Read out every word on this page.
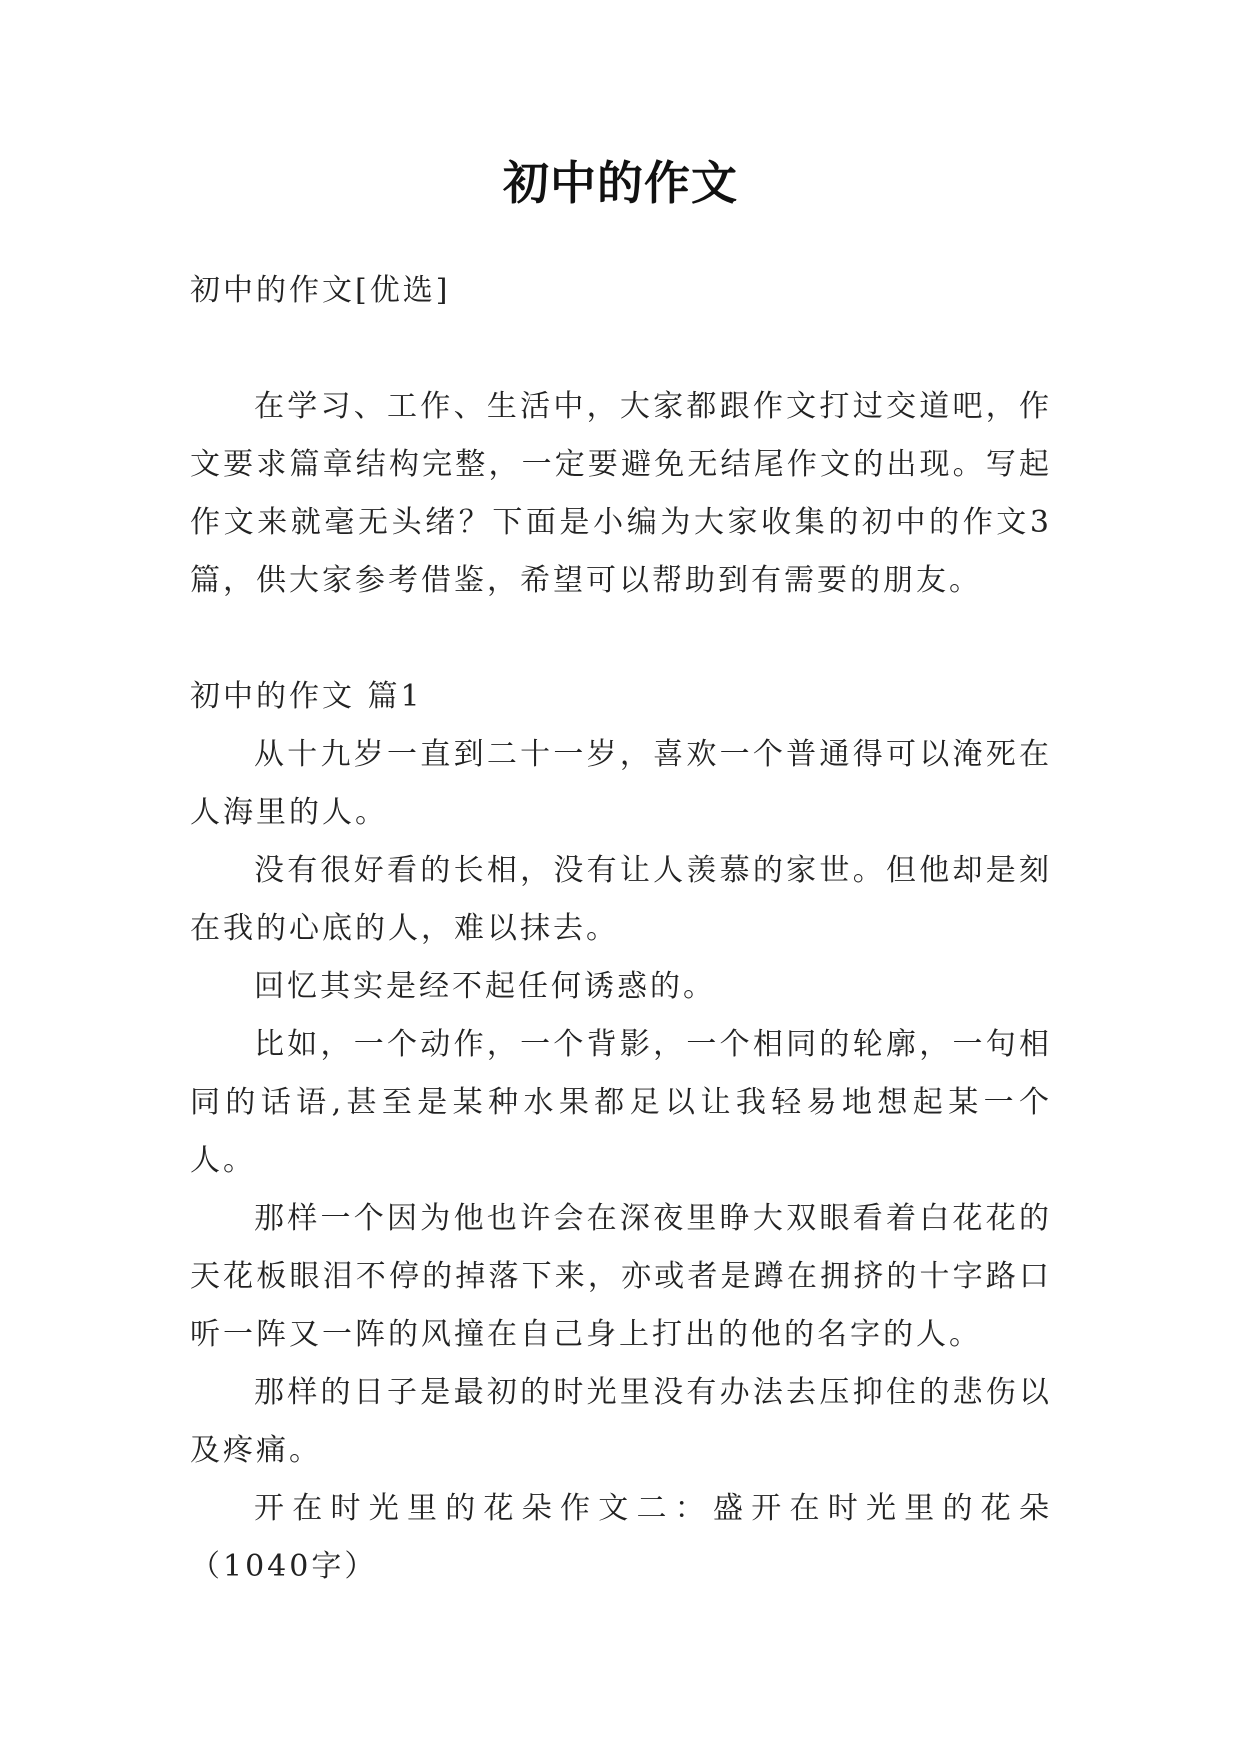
初中的作文

初中的作文[优选]

在学习、工作、生活中，大家都跟作文打过交道吧，作文要求篇章结构完整，一定要避免无结尾作文的出现。写起作文来就毫无头绪？下面是小编为大家收集的初中的作文3篇，供大家参考借鉴，希望可以帮助到有需要的朋友。

初中的作文 篇1

从十九岁一直到二十一岁，喜欢一个普通得可以淹死在人海里的人。

没有很好看的长相，没有让人羡慕的家世。但他却是刻在我的心底的人，难以抹去。

回忆其实是经不起任何诱惑的。

比如，一个动作，一个背影，一个相同的轮廓，一句相同的话语,甚至是某种水果都足以让我轻易地想起某一个人。

那样一个因为他也许会在深夜里睁大双眼看着白花花的天花板眼泪不停的掉落下来，亦或者是蹲在拥挤的十字路口听一阵又一阵的风撞在自己身上打出的他的名字的人。

那样的日子是最初的时光里没有办法去压抑住的悲伤以及疼痛。

开在时光里的花朵作文二：盛开在时光里的花朵（1040字）
